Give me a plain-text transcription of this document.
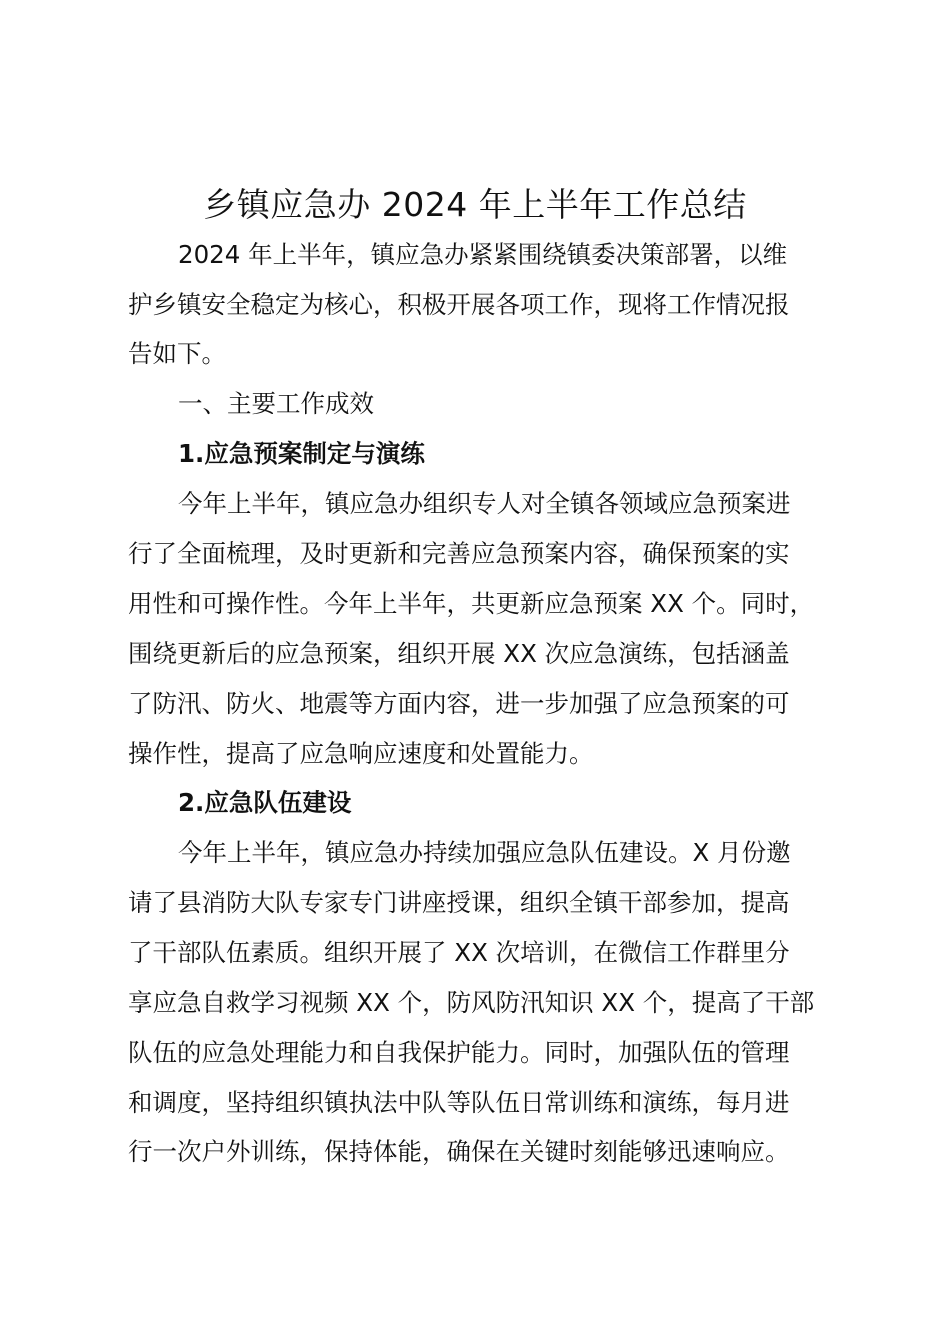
乡镇应急办 2024 年上半年工作总结

2024 年上半年，镇应急办紧紧围绕镇委决策部署，以维

护乡镇安全稳定为核心，积极开展各项工作，现将工作情况报

告如下。

一、主要工作成效

1.应急预案制定与演练

今年上半年，镇应急办组织专人对全镇各领域应急预案进

行了全面梳理，及时更新和完善应急预案内容，确保预案的实

用性和可操作性。今年上半年，共更新应急预案 XX 个。同时，

围绕更新后的应急预案，组织开展 XX 次应急演练，包括涵盖

了防汛、防火、地震等方面内容，进一步加强了应急预案的可

操作性，提高了应急响应速度和处置能力。

2.应急队伍建设

今年上半年，镇应急办持续加强应急队伍建设。X 月份邀

请了县消防大队专家专门讲座授课，组织全镇干部参加，提高

了干部队伍素质。组织开展了 XX 次培训，在微信工作群里分

享应急自救学习视频 XX 个，防风防汛知识 XX 个，提高了干部

队伍的应急处理能力和自我保护能力。同时，加强队伍的管理

和调度，坚持组织镇执法中队等队伍日常训练和演练，每月进

行一次户外训练，保持体能，确保在关键时刻能够迅速响应。
